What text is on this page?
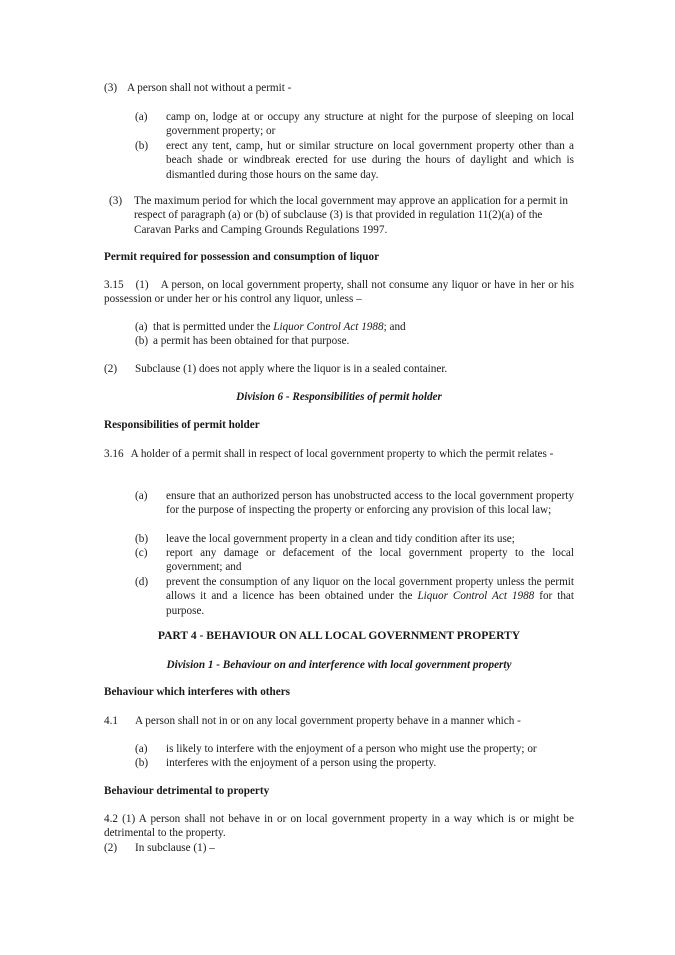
(3) A person shall not without a permit -
(a) camp on, lodge at or occupy any structure at night for the purpose of sleeping on local government property; or
(b) erect any tent, camp, hut or similar structure on local government property other than a beach shade or windbreak erected for use during the hours of daylight and which is dismantled during those hours on the same day.
(3) The maximum period for which the local government may approve an application for a permit in respect of paragraph (a) or (b) of subclause (3) is that provided in regulation 11(2)(a) of the Caravan Parks and Camping Grounds Regulations 1997.
Permit required for possession and consumption of liquor
3.15 (1) A person, on local government property, shall not consume any liquor or have in her or his possession or under her or his control any liquor, unless –
(a) that is permitted under the Liquor Control Act 1988; and
(b) a permit has been obtained for that purpose.
(2) Subclause (1) does not apply where the liquor is in a sealed container.
Division 6 - Responsibilities of permit holder
Responsibilities of permit holder
3.16 A holder of a permit shall in respect of local government property to which the permit relates -
(a) ensure that an authorized person has unobstructed access to the local government property for the purpose of inspecting the property or enforcing any provision of this local law;
(b) leave the local government property in a clean and tidy condition after its use;
(c) report any damage or defacement of the local government property to the local government; and
(d) prevent the consumption of any liquor on the local government property unless the permit allows it and a licence has been obtained under the Liquor Control Act 1988 for that purpose.
PART 4 - BEHAVIOUR ON ALL LOCAL GOVERNMENT PROPERTY
Division 1 - Behaviour on and interference with local government property
Behaviour which interferes with others
4.1 A person shall not in or on any local government property behave in a manner which -
(a) is likely to interfere with the enjoyment of a person who might use the property; or
(b) interferes with the enjoyment of a person using the property.
Behaviour detrimental to property
4.2 (1) A person shall not behave in or on local government property in a way which is or might be detrimental to the property.
(2) In subclause (1) –
